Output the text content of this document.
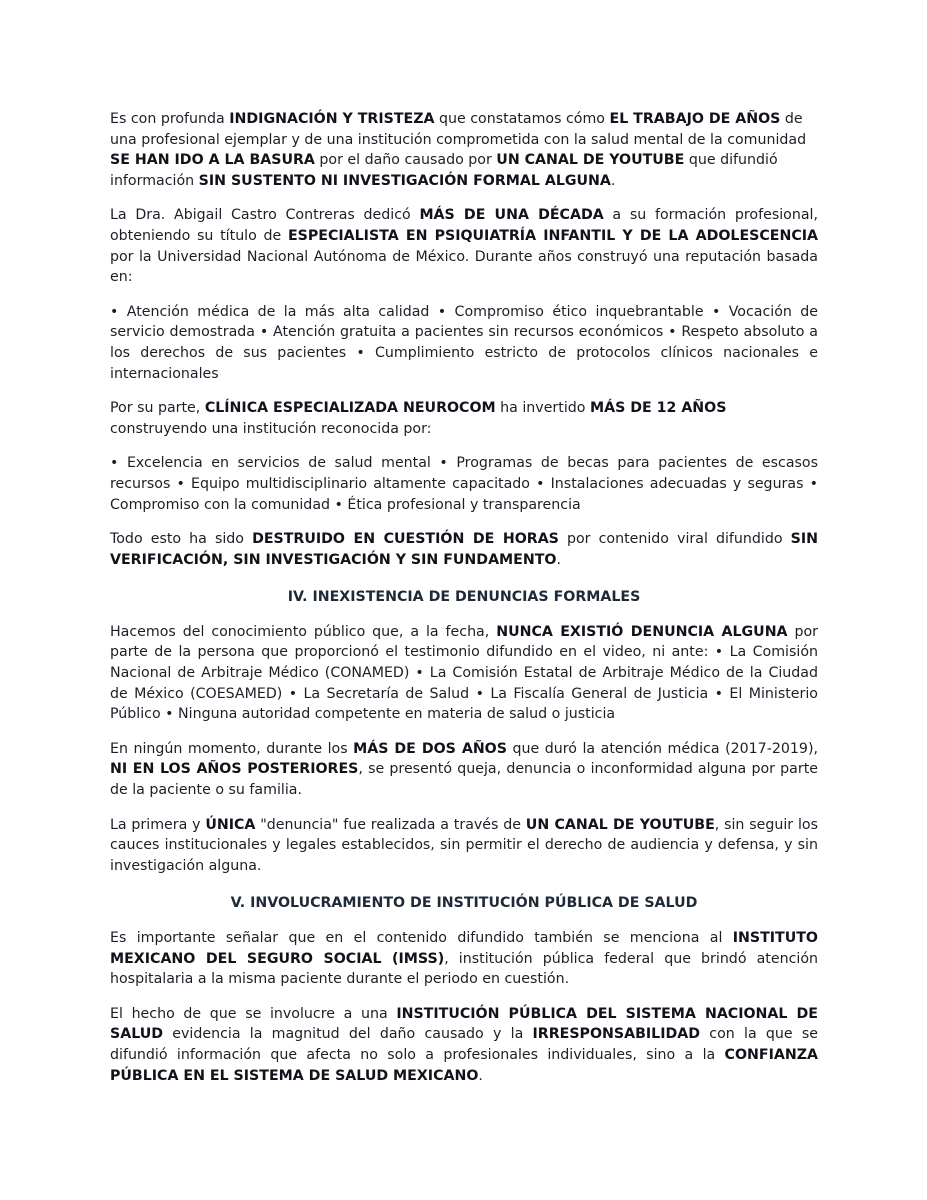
Es con profunda INDIGNACIÓN Y TRISTEZA que constatamos cómo EL TRABAJO DE AÑOS de una profesional ejemplar y de una institución comprometida con la salud mental de la comunidad SE HAN IDO A LA BASURA por el daño causado por UN CANAL DE YOUTUBE que difundió información SIN SUSTENTO NI INVESTIGACIÓN FORMAL ALGUNA.

La Dra. Abigail Castro Contreras dedicó MÁS DE UNA DÉCADA a su formación profesional, obteniendo su título de ESPECIALISTA EN PSIQUIATRÍA INFANTIL Y DE LA ADOLESCENCIA por la Universidad Nacional Autónoma de México. Durante años construyó una reputación basada en:

• Atención médica de la más alta calidad • Compromiso ético inquebrantable • Vocación de servicio demostrada • Atención gratuita a pacientes sin recursos económicos • Respeto absoluto a los derechos de sus pacientes • Cumplimiento estricto de protocolos clínicos nacionales e internacionales

Por su parte, CLÍNICA ESPECIALIZADA NEUROCOM ha invertido MÁS DE 12 AÑOS construyendo una institución reconocida por:

• Excelencia en servicios de salud mental • Programas de becas para pacientes de escasos recursos • Equipo multidisciplinario altamente capacitado • Instalaciones adecuadas y seguras • Compromiso con la comunidad • Ética profesional y transparencia

Todo esto ha sido DESTRUIDO EN CUESTIÓN DE HORAS por contenido viral difundido SIN VERIFICACIÓN, SIN INVESTIGACIÓN Y SIN FUNDAMENTO.

IV. INEXISTENCIA DE DENUNCIAS FORMALES

Hacemos del conocimiento público que, a la fecha, NUNCA EXISTIÓ DENUNCIA ALGUNA por parte de la persona que proporcionó el testimonio difundido en el video, ni ante: • La Comisión Nacional de Arbitraje Médico (CONAMED) • La Comisión Estatal de Arbitraje Médico de la Ciudad de México (COESAMED) • La Secretaría de Salud • La Fiscalía General de Justicia • El Ministerio Público • Ninguna autoridad competente en materia de salud o justicia

En ningún momento, durante los MÁS DE DOS AÑOS que duró la atención médica (2017-2019), NI EN LOS AÑOS POSTERIORES, se presentó queja, denuncia o inconformidad alguna por parte de la paciente o su familia.

La primera y ÚNICA "denuncia" fue realizada a través de UN CANAL DE YOUTUBE, sin seguir los cauces institucionales y legales establecidos, sin permitir el derecho de audiencia y defensa, y sin investigación alguna.

V. INVOLUCRAMIENTO DE INSTITUCIÓN PÚBLICA DE SALUD

Es importante señalar que en el contenido difundido también se menciona al INSTITUTO MEXICANO DEL SEGURO SOCIAL (IMSS), institución pública federal que brindó atención hospitalaria a la misma paciente durante el periodo en cuestión.

El hecho de que se involucre a una INSTITUCIÓN PÚBLICA DEL SISTEMA NACIONAL DE SALUD evidencia la magnitud del daño causado y la IRRESPONSABILIDAD con la que se difundió información que afecta no solo a profesionales individuales, sino a la CONFIANZA PÚBLICA EN EL SISTEMA DE SALUD MEXICANO.
